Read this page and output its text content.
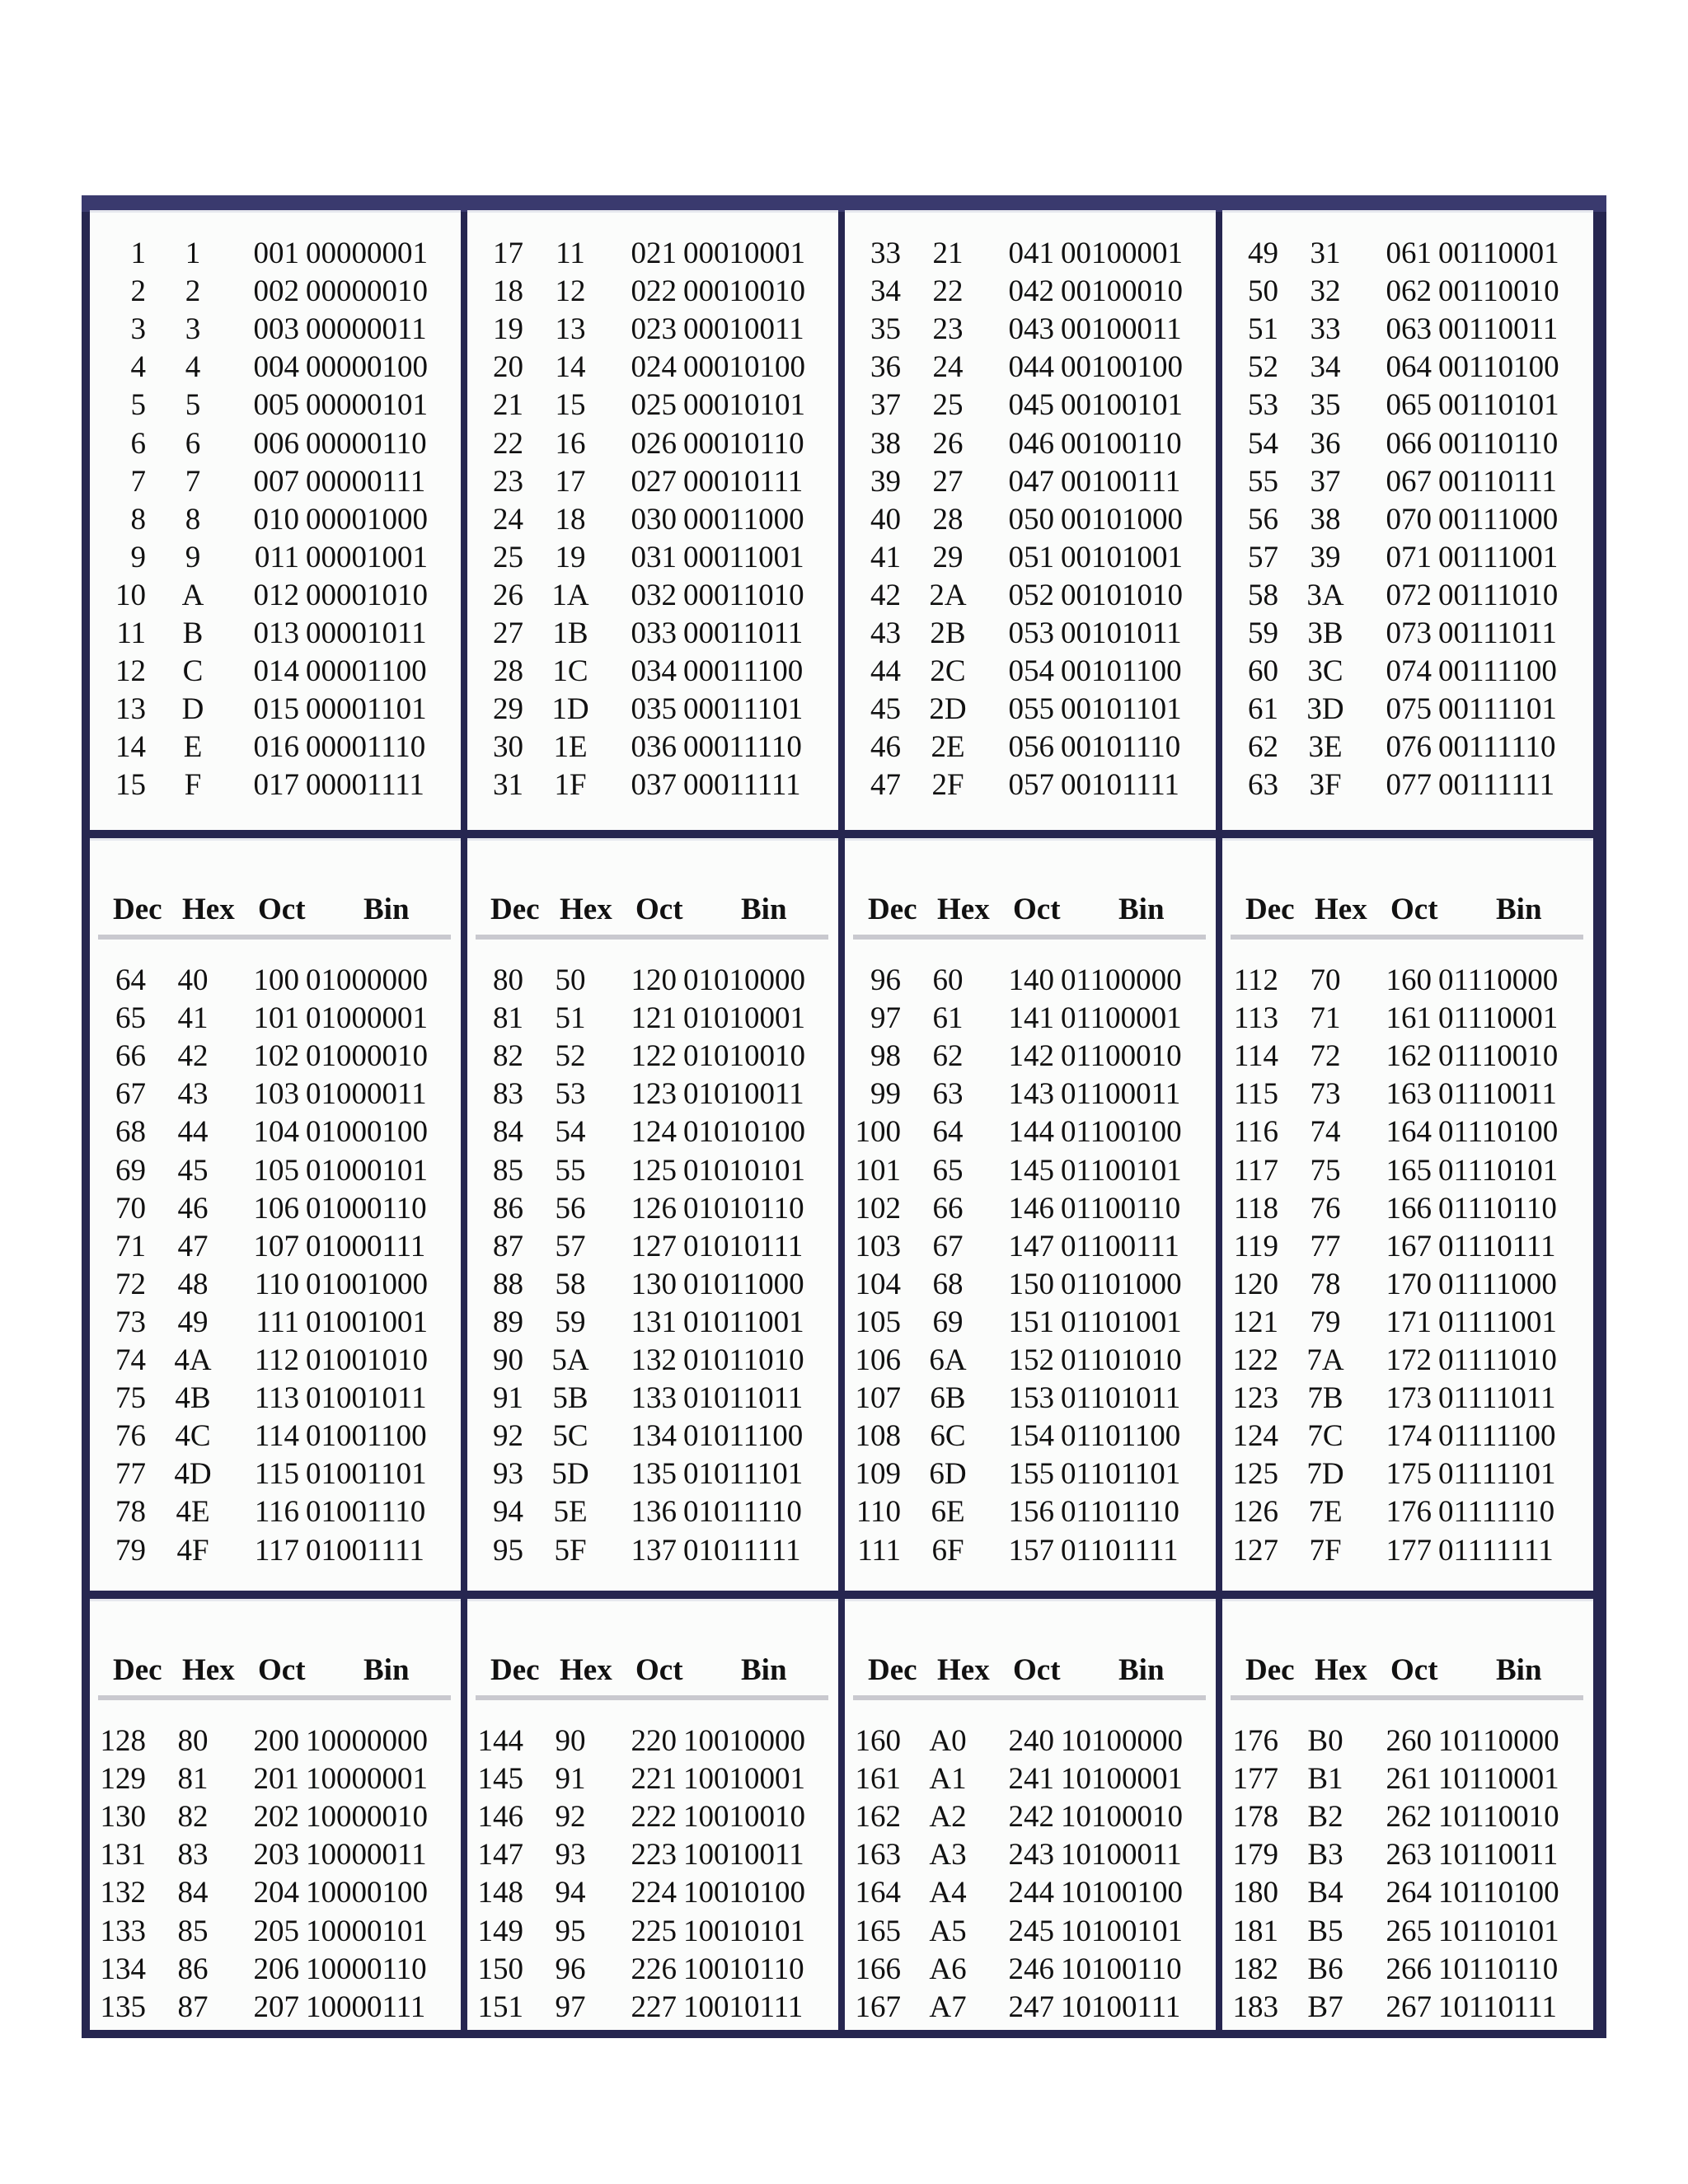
1	1	001 00000001
2	2	002 00000010
3	3	003 00000011
4	4	004 00000100
5	5	005 00000101
6	6	006 00000110
7	7	007 00000111
8	8	010 00001000
9	9	011 00001001
10	A	012 00001010
11	B	013 00001011
12	C	014 00001100
13	D	015 00001101
14	E	016 00001110
15	F	017 00001111
17	11	021 00010001
18	12	022 00010010
19	13	023 00010011
20	14	024 00010100
21	15	025 00010101
22	16	026 00010110
23	17	027 00010111
24	18	030 00011000
25	19	031 00011001
26 1A	032 00011010
27 1B	033 00011011
28 1C	034 00011100
29 1D	035 00011101
30 1E	036 00011110
31	1F	037 00011111
33	21	041 00100001
34	22	042 00100010
35	23	043 00100011
36	24	044 00100100
37	25	045 00100101
38	26	046 00100110
39	27	047 00100111
40	28	050 00101000
41	29	051 00101001
42 2A	052 00101010
43 2B	053 00101011
44 2C	054 00101100
45 2D	055 00101101
46 2E	056 00101110
47	2F	057 00101111
49	31	061 00110001
50	32	062 00110010
51	33	063 00110011
52	34	064 00110100
53	35	065 00110101
54	36	066 00110110
55	37	067 00110111
56	38	070 00111000
57	39	071 00111001
58 3A	072 00111010
59 3B	073 00111011
60 3C	074 00111100
61 3D	075 00111101
62 3E	076 00111110
63	3F	077 00111111
Dec Hex Oct Bin
64	40	100 01000000
65	41	101 01000001
66	42	102 01000010
67	43	103 01000011
68	44	104 01000100
69	45	105 01000101
70	46	106 01000110
71	47	107 01000111
72	48	110 01001000
73	49	111 01001001
74 4A	112 01001010
75 4B	113 01001011
76 4C	114 01001100
77 4D	115 01001101
78 4E	116 01001110
79	4F	117 01001111
Dec Hex Oct Bin
80	50	120 01010000
81	51	121 01010001
82	52	122 01010010
83	53	123 01010011
84	54	124 01010100
85	55	125 01010101
86	56	126 01010110
87	57	127 01010111
88	58	130 01011000
89	59	131 01011001
90 5A	132 01011010
91 5B	133 01011011
92 5C	134 01011100
93 5D	135 01011101
94 5E	136 01011110
95	5F	137 01011111
Dec Hex Oct Bin
96	60	140 01100000
97	61	141 01100001
98	62	142 01100010
99	63	143 01100011
100	64	144 01100100
101	65	145 01100101
102	66	146 01100110
103	67	147 01100111
104	68	150 01101000
105	69	151 01101001
106 6A	152 01101010
107 6B	153 01101011
108 6C	154 01101100
109 6D	155 01101101
110 6E	156 01101110
111	6F	157 01101111
Dec Hex Oct Bin
112	70	160 01110000
113	71	161 01110001
114	72	162 01110010
115	73	163 01110011
116	74	164 01110100
117	75	165 01110101
118	76	166 01110110
119	77	167 01110111
120	78	170 01111000
121	79	171 01111001
122 7A	172 01111010
123 7B	173 01111011
124 7C	174 01111100
125 7D	175 01111101
126 7E	176 01111110
127	7F	177 01111111
Dec Hex Oct Bin
128	80	200 10000000
129	81	201 10000001
130	82	202 10000010
131	83	203 10000011
132	84	204 10000100
133	85	205 10000101
134	86	206 10000110
135	87	207 10000111
Dec Hex Oct Bin
144	90	220 10010000
145	91	221 10010001
146	92	222 10010010
147	93	223 10010011
148	94	224 10010100
149	95	225 10010101
150	96	226 10010110
151	97	227 10010111
Dec Hex Oct Bin
160 A0	240 10100000
161 A1	241 10100001
162 A2	242 10100010
163 A3	243 10100011
164 A4	244 10100100
165 A5	245 10100101
166 A6	246 10100110
167 A7	247 10100111
Dec Hex Oct Bin
176 B0	260 10110000
177 B1	261 10110001
178 B2	262 10110010
179 B3	263 10110011
180 B4	264 10110100
181 B5	265 10110101
182 B6	266 10110110
183 B7	267 10110111
